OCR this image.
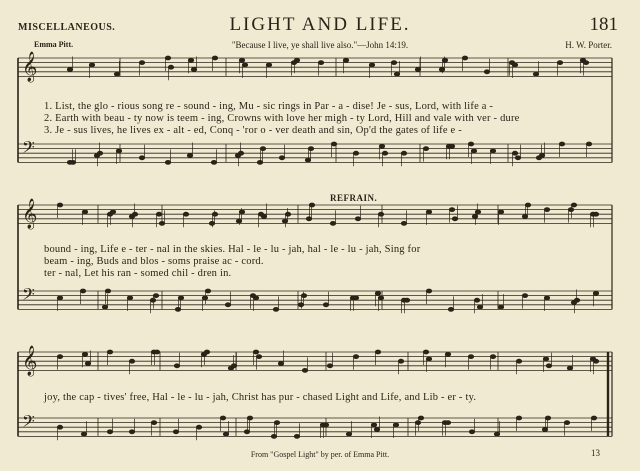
𝄞
𝄞
𝄞
𝄢
𝄢
𝄢
MISCELLANEOUS.	LIGHT AND LIFE.	181
Emma Pitt.	"Because I live, ye shall live also."—John 14:19.	H. W. Porter.
1. List, the glo - rious song re - sound - ing, Mu - sic rings in Par - a - dise! Je - sus, Lord, with life a -
2. Earth with beau - ty now is teem - ing, Crowns with love her migh - ty Lord, Hill and vale with ver - dure
3. Je - sus lives, he lives ex - alt - ed, Conq - 'ror o - ver death and sin, Op'd the gates of life e -
REFRAIN.
bound - ing, Life e - ter - nal in the skies. Hal - le - lu - jah, hal - le - lu - jah, Sing for
beam - ing, Buds and blos - soms praise ac - cord.
ter - nal, Let his ran - somed chil - dren in.
joy, the cap - tives' free, Hal - le - lu - jah, Christ has pur - chased Light and Life, and Lib - er - ty.
From "Gospel Light" by per. of Emma Pitt.	13
